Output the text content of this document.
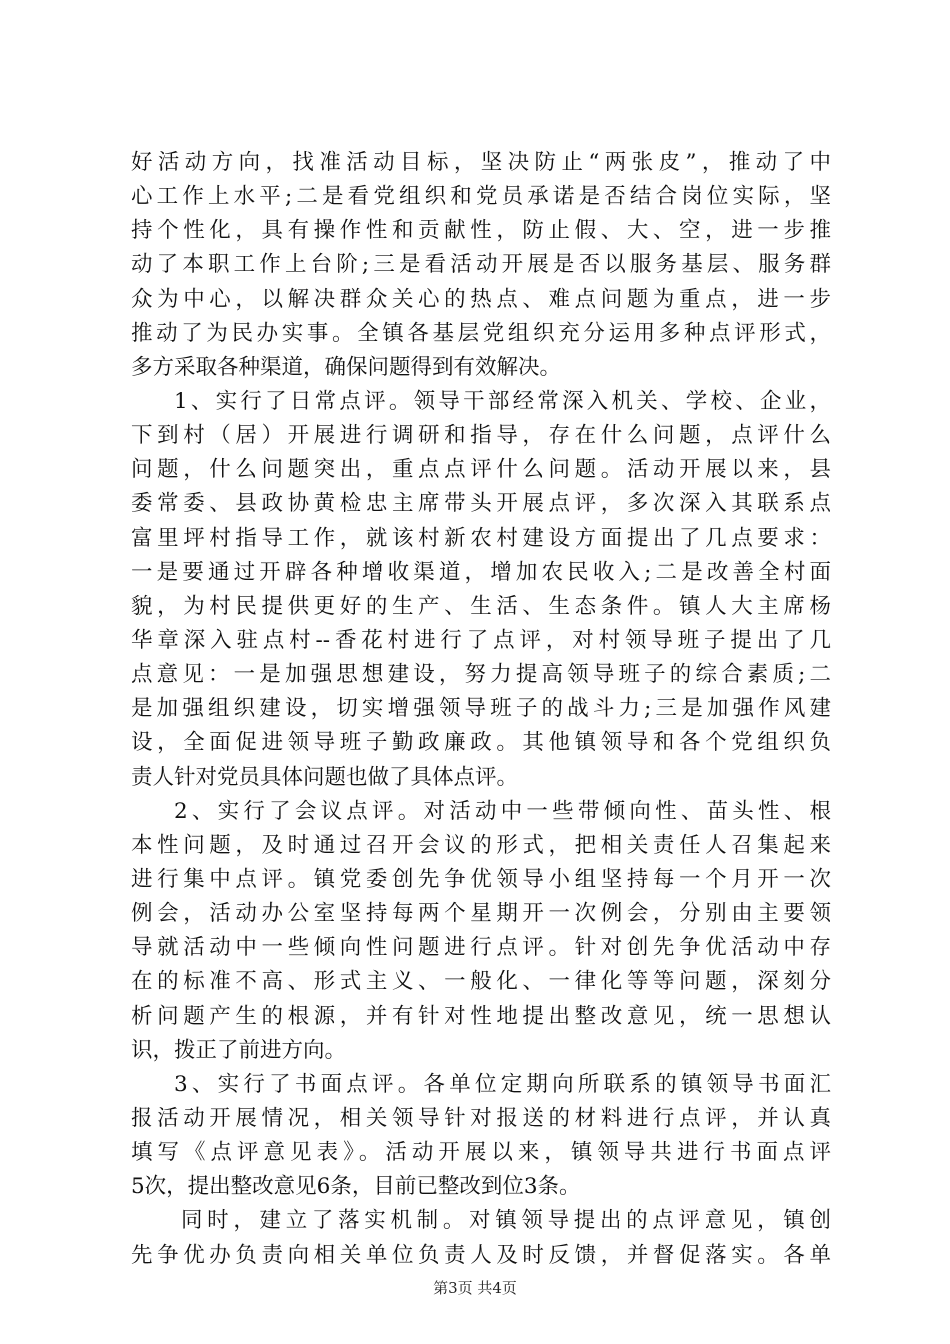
好活动方向，找准活动目标，坚决防止“两张皮”，推动了中
心工作上水平;二是看党组织和党员承诺是否结合岗位实际，坚
持个性化，具有操作性和贡献性，防止假、大、空，进一步推
动了本职工作上台阶;三是看活动开展是否以服务基层、服务群
众为中心，以解决群众关心的热点、难点问题为重点，进一步
推动了为民办实事。全镇各基层党组织充分运用多种点评形式，
多方采取各种渠道，确保问题得到有效解决。
1、实行了日常点评。领导干部经常深入机关、学校、企业，
下到村（居）开展进行调研和指导，存在什么问题，点评什么
问题，什么问题突出，重点点评什么问题。活动开展以来，县
委常委、县政协黄检忠主席带头开展点评，多次深入其联系点
富里坪村指导工作，就该村新农村建设方面提出了几点要求：
一是要通过开辟各种增收渠道，增加农民收入;二是改善全村面
貌，为村民提供更好的生产、生活、生态条件。镇人大主席杨
华章深入驻点村--香花村进行了点评，对村领导班子提出了几
点意见：一是加强思想建设，努力提高领导班子的综合素质;二
是加强组织建设，切实增强领导班子的战斗力;三是加强作风建
设，全面促进领导班子勤政廉政。其他镇领导和各个党组织负
责人针对党员具体问题也做了具体点评。
2、实行了会议点评。对活动中一些带倾向性、苗头性、根
本性问题，及时通过召开会议的形式，把相关责任人召集起来
进行集中点评。镇党委创先争优领导小组坚持每一个月开一次
例会，活动办公室坚持每两个星期开一次例会，分别由主要领
导就活动中一些倾向性问题进行点评。针对创先争优活动中存
在的标准不高、形式主义、一般化、一律化等等问题，深刻分
析问题产生的根源，并有针对性地提出整改意见，统一思想认
识，拨正了前进方向。
3、实行了书面点评。各单位定期向所联系的镇领导书面汇
报活动开展情况，相关领导针对报送的材料进行点评，并认真
填写《点评意见表》。活动开展以来，镇领导共进行书面点评
5次，提出整改意见6条，目前已整改到位3条。
同时，建立了落实机制。对镇领导提出的点评意见，镇创
先争优办负责向相关单位负责人及时反馈，并督促落实。各单
第3页 共4页
